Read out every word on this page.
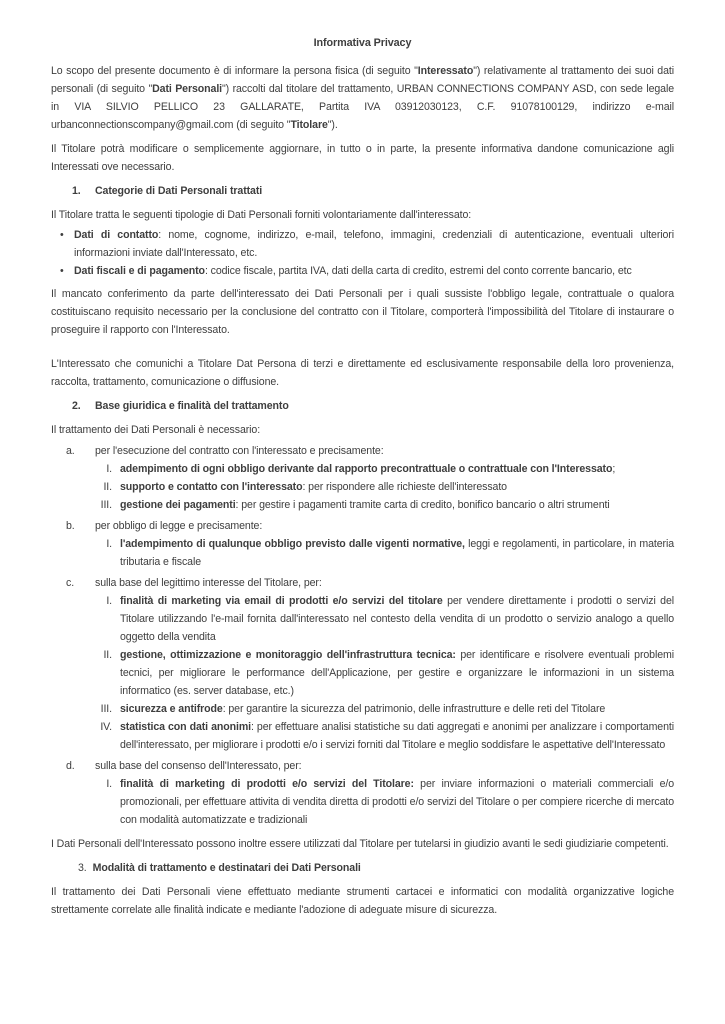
Informativa Privacy

Lo scopo del presente documento è di informare la persona fisica (di seguito "Interessato") relativamente al trattamento dei suoi dati personali (di seguito "Dati Personali") raccolti dal titolare del trattamento, URBAN CONNECTIONS COMPANY ASD, con sede legale in VIA SILVIO PELLICO 23 GALLARATE, Partita IVA 03912030123, C.F. 91078100129, indirizzo e-mail urbanconnectionscompany@gmail.com (di seguito "Titolare").

Il Titolare potrà modificare o semplicemente aggiornare, in tutto o in parte, la presente informativa dandone comunicazione agli Interessati ove necessario.

1. Categorie di Dati Personali trattati

Il Titolare tratta le seguenti tipologie di Dati Personali forniti volontariamente dall'interessato:

• Dati di contatto: nome, cognome, indirizzo, e-mail, telefono, immagini, credenziali di autenticazione, eventuali ulteriori informazioni inviate dall'Interessato, etc.
• Dati fiscali e di pagamento: codice fiscale, partita IVA, dati della carta di credito, estremi del conto corrente bancario, etc

Il mancato conferimento da parte dell'interessato dei Dati Personali per i quali sussiste l'obbligo legale, contrattuale o qualora costituiscano requisito necessario per la conclusione del contratto con il Titolare, comporterà l'impossibilità del Titolare di instaurare o proseguire il rapporto con l'Interessato.

L'Interessato che comunichi a Titolare Dat Persona di terzi e direttamente ed esclusivamente responsabile della loro provenienza, raccolta, trattamento, comunicazione o diffusione.

2. Base giuridica e finalità del trattamento

Il trattamento dei Dati Personali è necessario:

a. per l'esecuzione del contratto con l'interessato e precisamente:
I. adempimento di ogni obbligo derivante dal rapporto precontrattuale o contrattuale con l'Interessato;
II. supporto e contatto con l'interessato: per rispondere alle richieste dell'interessato
III. gestione dei pagamenti: per gestire i pagamenti tramite carta di credito, bonifico bancario o altri strumenti
b. per obbligo di legge e precisamente:
I. l'adempimento di qualunque obbligo previsto dalle vigenti normative, leggi e regolamenti, in particolare, in materia tributaria e fiscale
c. sulla base del legittimo interesse del Titolare, per:
I. finalità di marketing via email di prodotti e/o servizi del titolare per vendere direttamente i prodotti o servizi del Titolare utilizzando l'e-mail fornita dall'interessato nel contesto della vendita di un prodotto o servizio analogo a quello oggetto della vendita
II. gestione, ottimizzazione e monitoraggio dell'infrastruttura tecnica: per identificare e risolvere eventuali problemi tecnici, per migliorare le performance dell'Applicazione, per gestire e organizzare le informazioni in un sistema informatico (es. server database, etc.)
III. sicurezza e antifrode: per garantire la sicurezza del patrimonio, delle infrastrutture e delle reti del Titolare
IV. statistica con dati anonimi: per effettuare analisi statistiche su dati aggregati e anonimi per analizzare i comportamenti dell'interessato, per migliorare i prodotti e/o i servizi forniti dal Titolare e meglio soddisfare le aspettative dell'Interessato
d. sulla base del consenso dell'Interessato, per:
I. finalità di marketing di prodotti e/o servizi del Titolare: per inviare informazioni o materiali commerciali e/o promozionali, per effettuare attivita di vendita diretta di prodotti e/o servizi del Titolare o per compiere ricerche di mercato con modalità automatizzate e tradizionali

I Dati Personali dell'Interessato possono inoltre essere utilizzati dal Titolare per tutelarsi in giudizio avanti le sedi giudiziarie competenti.

3. Modalità di trattamento e destinatari dei Dati Personali

Il trattamento dei Dati Personali viene effettuato mediante strumenti cartacei e informatici con modalità organizzative logiche strettamente correlate alle finalità indicate e mediante l'adozione di adeguate misure di sicurezza.
